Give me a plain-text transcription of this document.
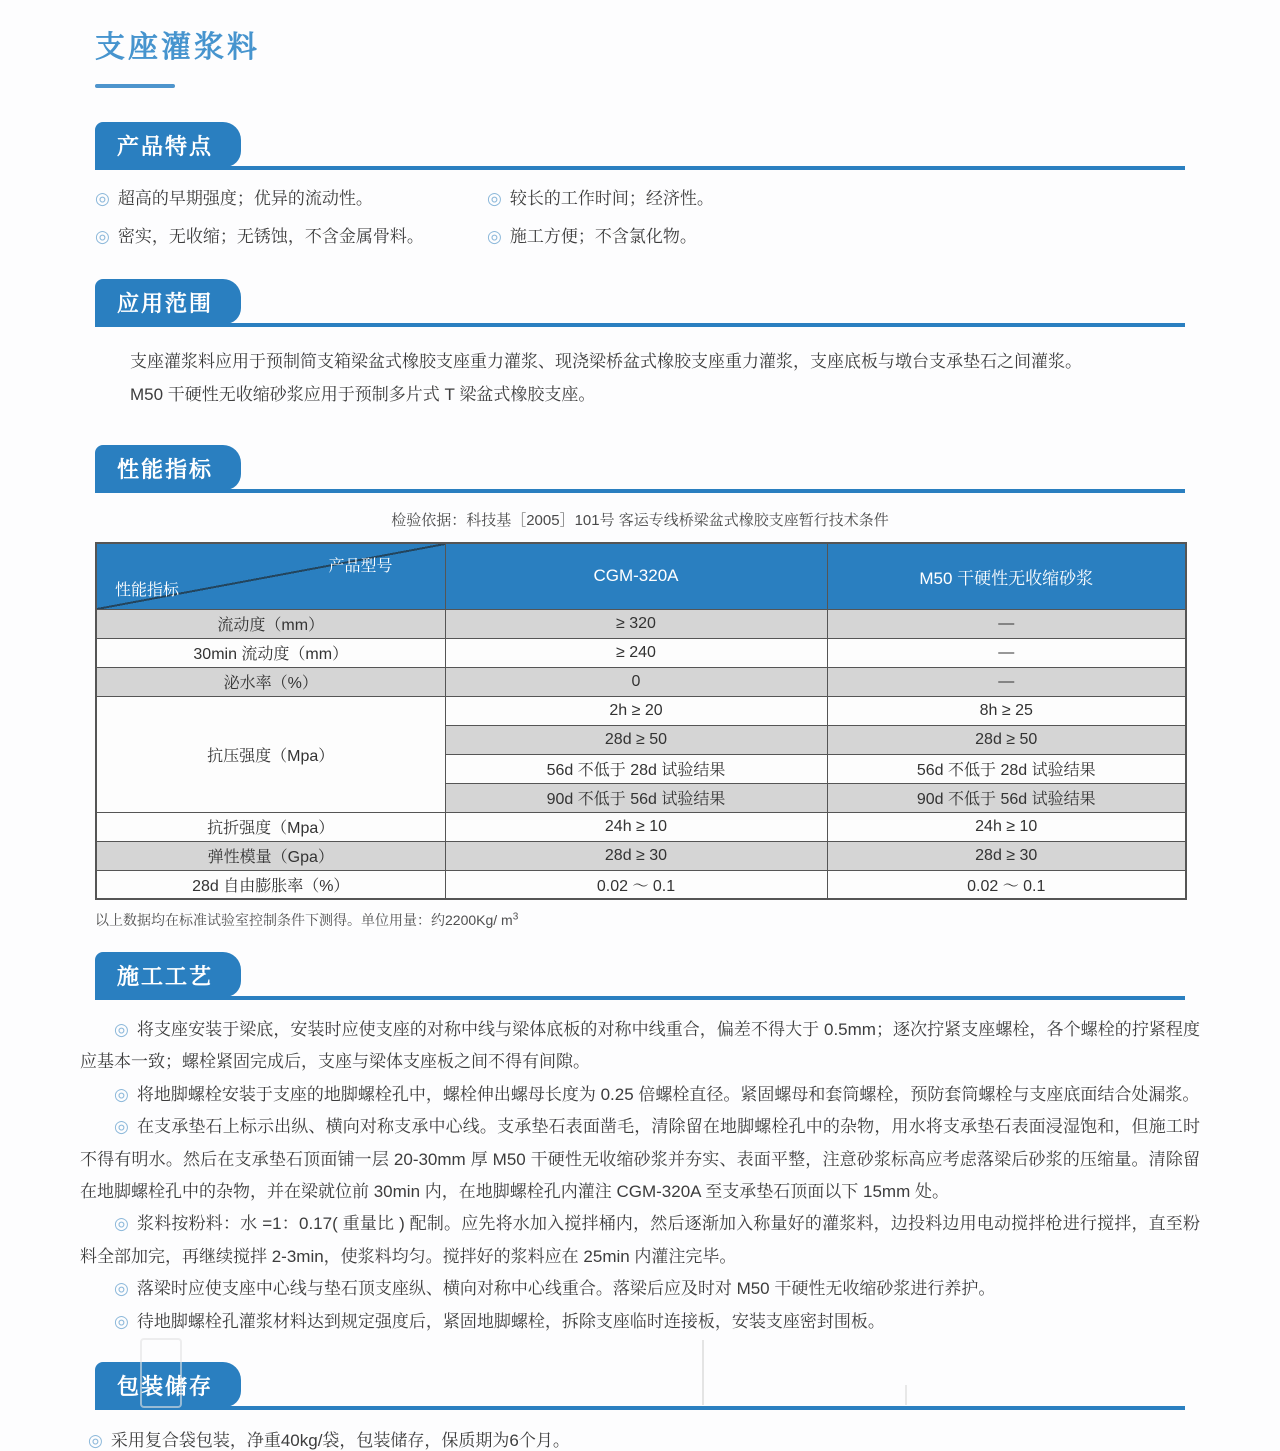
支座灌浆料
产品特点
◎ 超高的早期强度；优异的流动性。
◎ 密实，无收缩；无锈蚀，不含金属骨料。
◎ 较长的工作时间；经济性。
◎ 施工方便；不含氯化物。
应用范围

支座灌浆料应用于预制简支箱梁盆式橡胶支座重力灌浆、现浇梁桥盆式橡胶支座重力灌浆，支座底板与墩台支承垫石之间灌浆。

M50 干硬性无收缩砂浆应用于预制多片式 T 梁盆式橡胶支座。

性能指标
检验依据：科技基［2005］101号 客运专线桥梁盆式橡胶支座暂行技术条件
产品型号
性能指标	CGM-320A	M50 干硬性无收缩砂浆
流动度（mm）	≥ 320	—
30min 流动度（mm）	≥ 240	—
泌水率（%）	0	—
抗压强度（Mpa）	2h ≥ 20	8h ≥ 25
	28d ≥ 50	28d ≥ 50
	56d 不低于 28d 试验结果	56d 不低于 28d 试验结果
	90d 不低于 56d 试验结果	90d 不低于 56d 试验结果
抗折强度（Mpa）	24h ≥ 10	24h ≥ 10
弹性模量（Gpa）	28d ≥ 30	28d ≥ 30
28d 自由膨胀率（%）	0.02 ～ 0.1	0.02 ～ 0.1
以上数据均在标准试验室控制条件下测得。单位用量：约2200Kg/ $m^3$
施工工艺

◎ 将支座安装于梁底，安装时应使支座的对称中线与梁体底板的对称中线重合，偏差不得大于 0.5mm；逐次拧紧支座螺栓，各个螺栓的拧紧程度应基本一致；螺栓紧固完成后，支座与梁体支座板之间不得有间隙。

◎ 将地脚螺栓安装于支座的地脚螺栓孔中，螺栓伸出螺母长度为 0.25 倍螺栓直径。紧固螺母和套筒螺栓，预防套筒螺栓与支座底面结合处漏浆。

◎ 在支承垫石上标示出纵、横向对称支承中心线。支承垫石表面凿毛，清除留在地脚螺栓孔中的杂物，用水将支承垫石表面浸湿饱和，但施工时不得有明水。然后在支承垫石顶面铺一层 20-30mm 厚 M50 干硬性无收缩砂浆并夯实、表面平整，注意砂浆标高应考虑落梁后砂浆的压缩量。清除留在地脚螺栓孔中的杂物，并在梁就位前 30min 内，在地脚螺栓孔内灌注 CGM-320A 至支承垫石顶面以下 15mm 处。

◎ 浆料按粉料：水 =1：0.17( 重量比 ) 配制。应先将水加入搅拌桶内，然后逐渐加入称量好的灌浆料，边投料边用电动搅拌枪进行搅拌，直至粉料全部加完，再继续搅拌 2-3min，使浆料均匀。搅拌好的浆料应在 25min 内灌注完毕。

◎ 落梁时应使支座中心线与垫石顶支座纵、横向对称中心线重合。落梁后应及时对 M50 干硬性无收缩砂浆进行养护。

◎ 待地脚螺栓孔灌浆材料达到规定强度后，紧固地脚螺栓，拆除支座临时连接板，安装支座密封围板。

包装储存
◎ 采用复合袋包装，净重40kg/袋，包装储存，保质期为6个月。
